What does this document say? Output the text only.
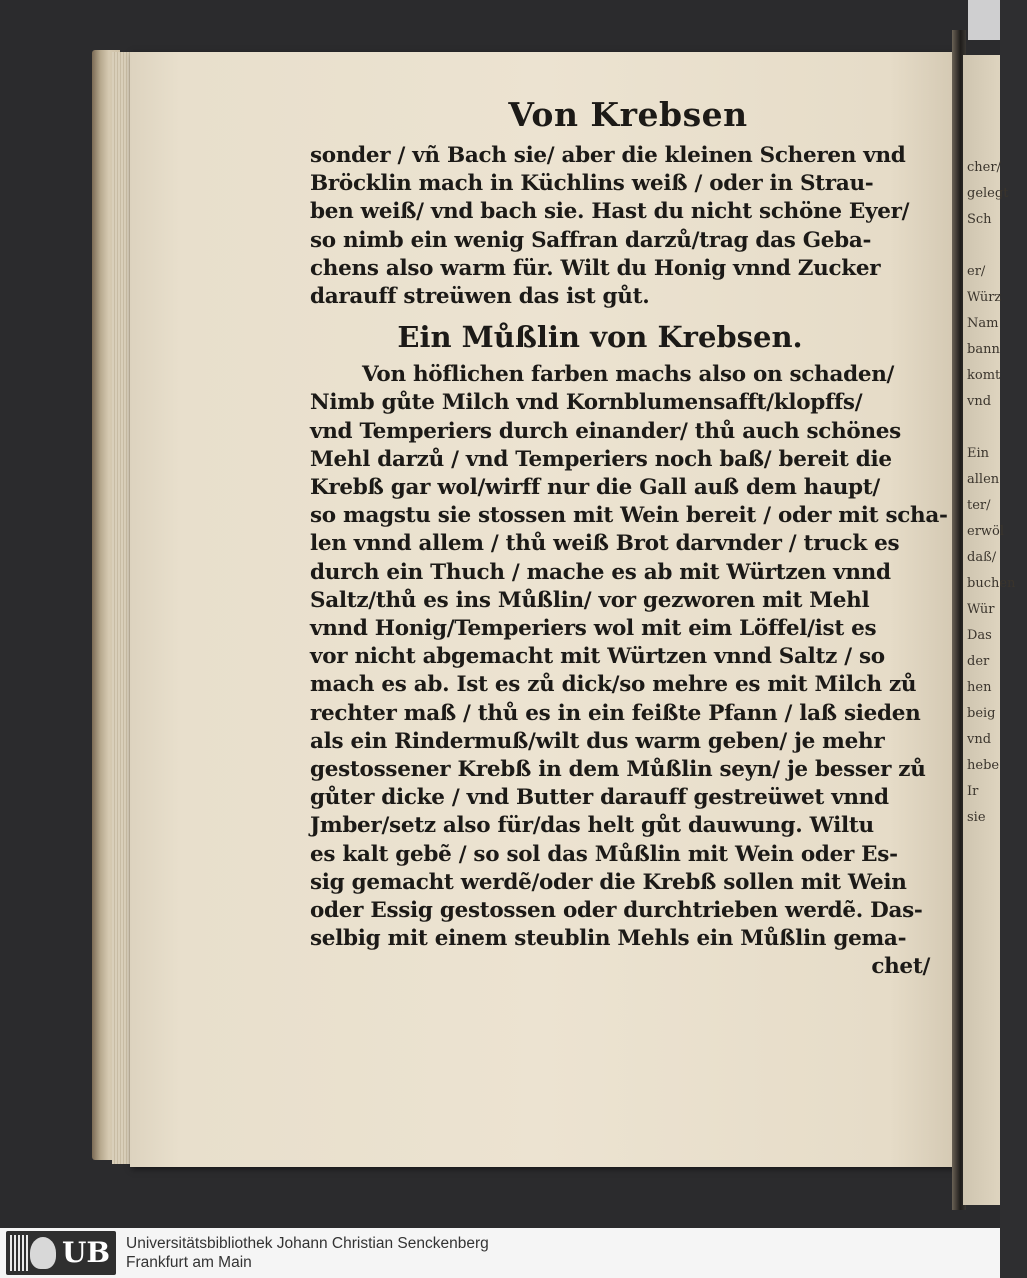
cher/
gelegt
Sch

er/
Würz
Nam
bann
komt
vnd

Ein
allen
ter/
erwöl
daß/
buchen
Wür
Das
der
hen
beig
vnd
hebe
Ir
sie
Von Krebsen
sonder / vñ Bach sie/ aber die kleinen Scheren vnd
Bröcklin mach in Küchlins weiß / oder in Strau-
ben weiß/ vnd bach sie. Hast du nicht schöne Eyer/
so nimb ein wenig Saffran darzů/trag das Geba-
chens also warm für. Wilt du Honig vnnd Zucker
darauff streüwen das ist gůt.
Ein Můßlin von Krebsen.
Von höflichen farben machs also on schaden/
Nimb gůte Milch vnd Kornblumensafft/klopffs/
vnd Temperiers durch einander/ thů auch schönes
Mehl darzů / vnd Temperiers noch baß/ bereit die
Krebß gar wol/wirff nur die Gall auß dem haupt/
so magstu sie stossen mit Wein bereit / oder mit scha-
len vnnd allem / thů weiß Brot darvnder / truck es
durch ein Thuch / mache es ab mit Würtzen vnnd
Saltz/thů es ins Můßlin/ vor gezworen mit Mehl
vnnd Honig/Temperiers wol mit eim Löffel/ist es
vor nicht abgemacht mit Würtzen vnnd Saltz / so
mach es ab. Ist es zů dick/so mehre es mit Milch zů
rechter maß / thů es in ein feißte Pfann / laß sieden
als ein Rindermuß/wilt dus warm geben/ je mehr
gestossener Krebß in dem Můßlin seyn/ je besser zů
gůter dicke / vnd Butter darauff gestreüwet vnnd
Jmber/setz also für/das helt gůt dauwung. Wiltu
es kalt gebẽ / so sol das Můßlin mit Wein oder Es-
sig gemacht werdẽ/oder die Krebß sollen mit Wein
oder Essig gestossen oder durchtrieben werdẽ. Das-
selbig mit einem steublin Mehls ein Můßlin gema-
chet/
UB Universitätsbibliothek Johann Christian Senckenberg
Frankfurt am Main
